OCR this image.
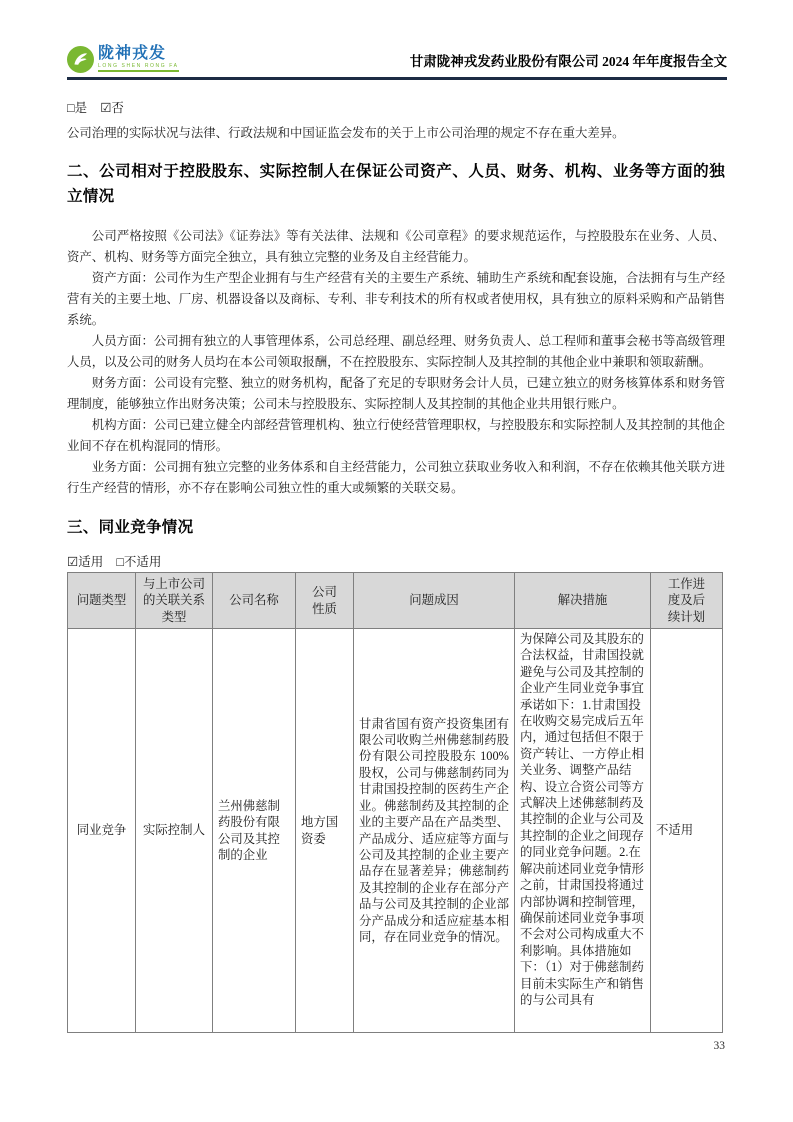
陇神戎发
LONG SHEN RONG FA	甘肃陇神戎发药业股份有限公司 2024 年年度报告全文
□是 ☑否
公司治理的实际状况与法律、行政法规和中国证监会发布的关于上市公司治理的规定不存在重大差异。
二、公司相对于控股股东、实际控制人在保证公司资产、人员、财务、机构、业务等方面的独立情况

公司严格按照《公司法》《证券法》等有关法律、法规和《公司章程》的要求规范运作，与控股股东在业务、人员、资产、机构、财务等方面完全独立，具有独立完整的业务及自主经营能力。

资产方面：公司作为生产型企业拥有与生产经营有关的主要生产系统、辅助生产系统和配套设施，合法拥有与生产经营有关的主要土地、厂房、机器设备以及商标、专利、非专利技术的所有权或者使用权，具有独立的原料采购和产品销售系统。

人员方面：公司拥有独立的人事管理体系，公司总经理、副总经理、财务负责人、总工程师和董事会秘书等高级管理人员，以及公司的财务人员均在本公司领取报酬，不在控股股东、实际控制人及其控制的其他企业中兼职和领取薪酬。

财务方面：公司设有完整、独立的财务机构，配备了充足的专职财务会计人员，已建立独立的财务核算体系和财务管理制度，能够独立作出财务决策；公司未与控股股东、实际控制人及其控制的其他企业共用银行账户。

机构方面：公司已建立健全内部经营管理机构、独立行使经营管理职权，与控股股东和实际控制人及其控制的其他企业间不存在机构混同的情形。

业务方面：公司拥有独立完整的业务体系和自主经营能力，公司独立获取业务收入和利润，不存在依赖其他关联方进行生产经营的情形，亦不存在影响公司独立性的重大或频繁的关联交易。

三、同业竞争情况
☑适用 □不适用
问题类型	与上市公司的关联关系类型	公司名称	公司性质	问题成因	解决措施	工作进度及后续计划
同业竞争	实际控制人	兰州佛慈制药股份有限公司及其控制的企业	地方国资委	甘肃省国有资产投资集团有限公司收购兰州佛慈制药股份有限公司控股股东 100%股权，公司与佛慈制药同为甘肃国投控制的医药生产企业。佛慈制药及其控制的企业的主要产品在产品类型、产品成分、适应症等方面与公司及其控制的企业主要产品存在显著差异；佛慈制药及其控制的企业存在部分产品与公司及其控制的企业部分产品成分和适应症基本相同，存在同业竞争的情况。	为保障公司及其股东的合法权益，甘肃国投就避免与公司及其控制的企业产生同业竞争事宜承诺如下：1.甘肃国投在收购交易完成后五年内，通过包括但不限于资产转让、一方停止相关业务、调整产品结构、设立合资公司等方式解决上述佛慈制药及其控制的企业与公司及其控制的企业之间现存的同业竞争问题。2.在解决前述同业竞争情形之前，甘肃国投将通过内部协调和控制管理，确保前述同业竞争事项不会对公司构成重大不利影响。具体措施如下：（1）对于佛慈制药目前未实际生产和销售的与公司具有	不适用
33
